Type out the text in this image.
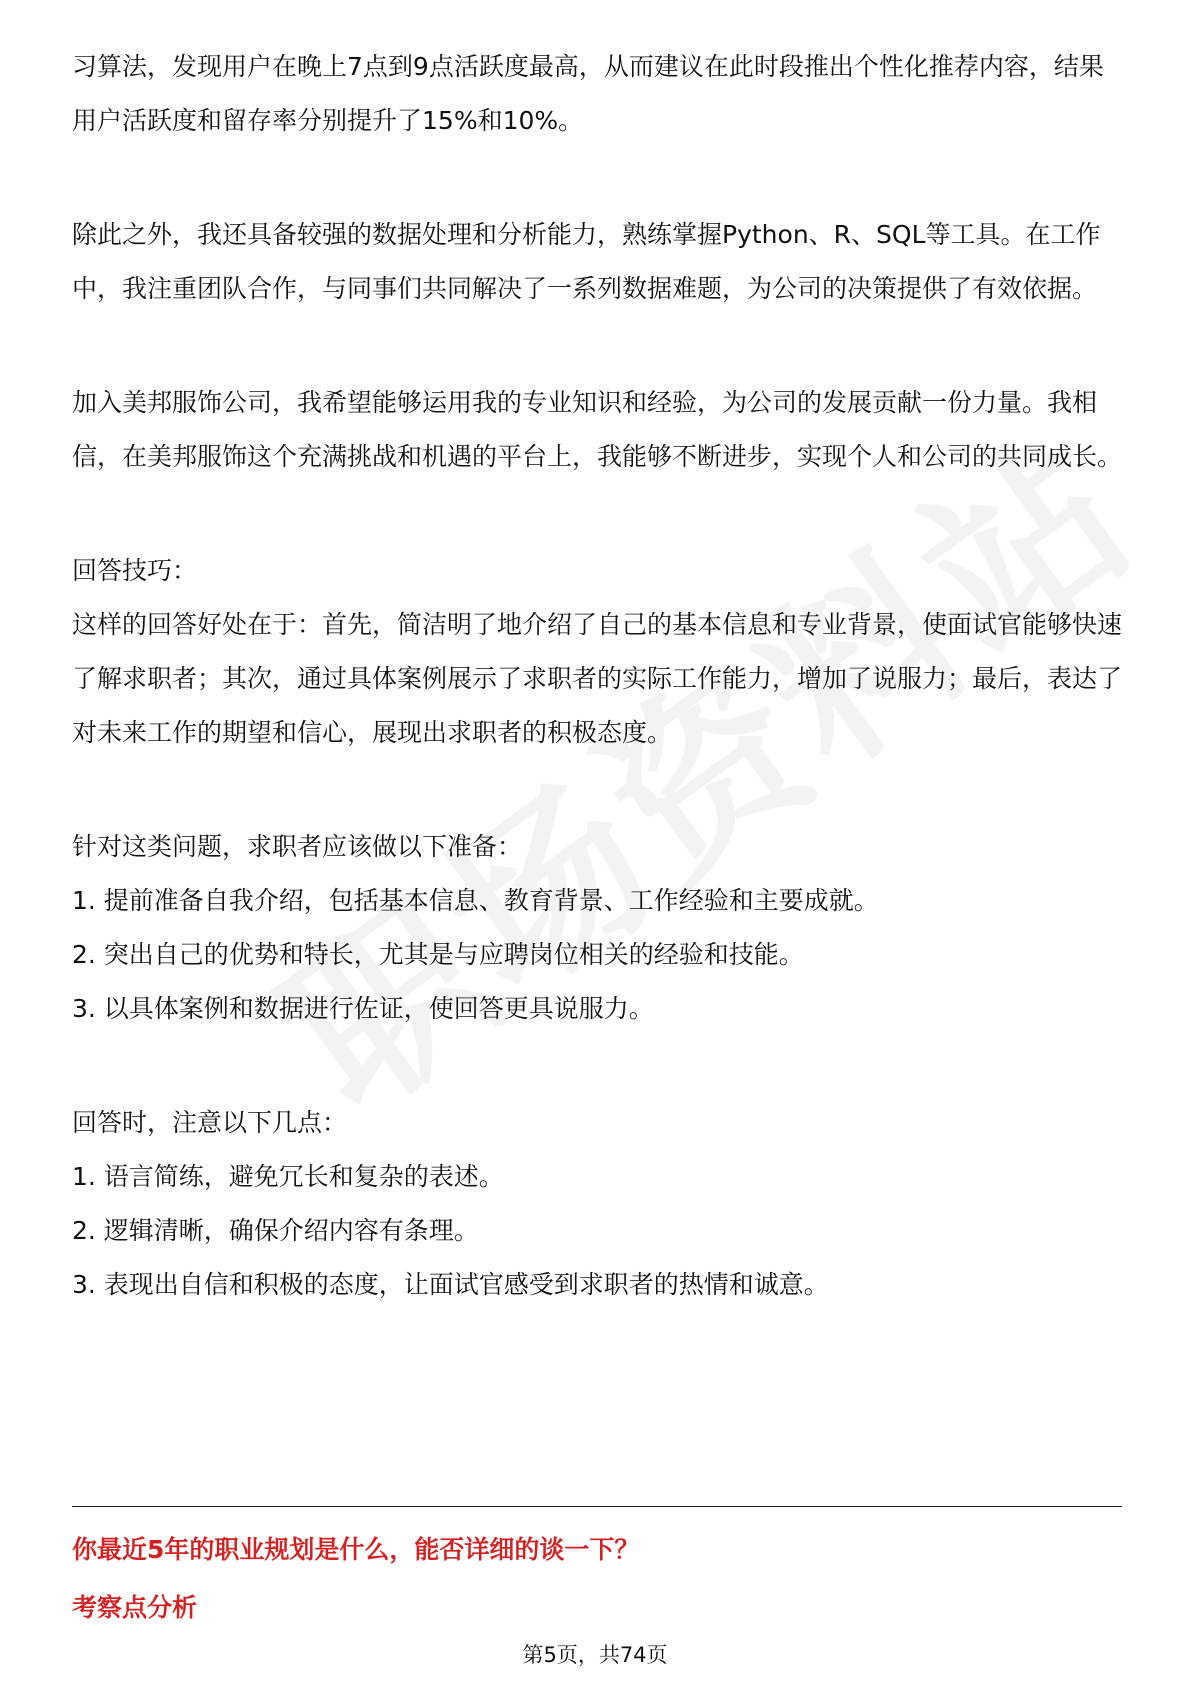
习算法，发现用户在晚上7点到9点活跃度最高，从而建议在此时段推出个性化推荐内容，结果用户活跃度和留存率分别提升了15%和10%。

除此之外，我还具备较强的数据处理和分析能力，熟练掌握Python、R、SQL等工具。在工作中，我注重团队合作，与同事们共同解决了一系列数据难题，为公司的决策提供了有效依据。

加入美邦服饰公司，我希望能够运用我的专业知识和经验，为公司的发展贡献一份力量。我相信，在美邦服饰这个充满挑战和机遇的平台上，我能够不断进步，实现个人和公司的共同成长。

回答技巧：

这样的回答好处在于：首先，简洁明了地介绍了自己的基本信息和专业背景，使面试官能够快速了解求职者；其次，通过具体案例展示了求职者的实际工作能力，增加了说服力；最后，表达了对未来工作的期望和信心，展现出求职者的积极态度。

针对这类问题，求职者应该做以下准备：

1. 提前准备自我介绍，包括基本信息、教育背景、工作经验和主要成就。

2. 突出自己的优势和特长，尤其是与应聘岗位相关的经验和技能。

3. 以具体案例和数据进行佐证，使回答更具说服力。

回答时，注意以下几点：

1. 语言简练，避免冗长和复杂的表述。

2. 逻辑清晰，确保介绍内容有条理。

3. 表现出自信和积极的态度，让面试官感受到求职者的热情和诚意。

你最近5年的职业规划是什么，能否详细的谈一下？
考察点分析
第5页，共74页
